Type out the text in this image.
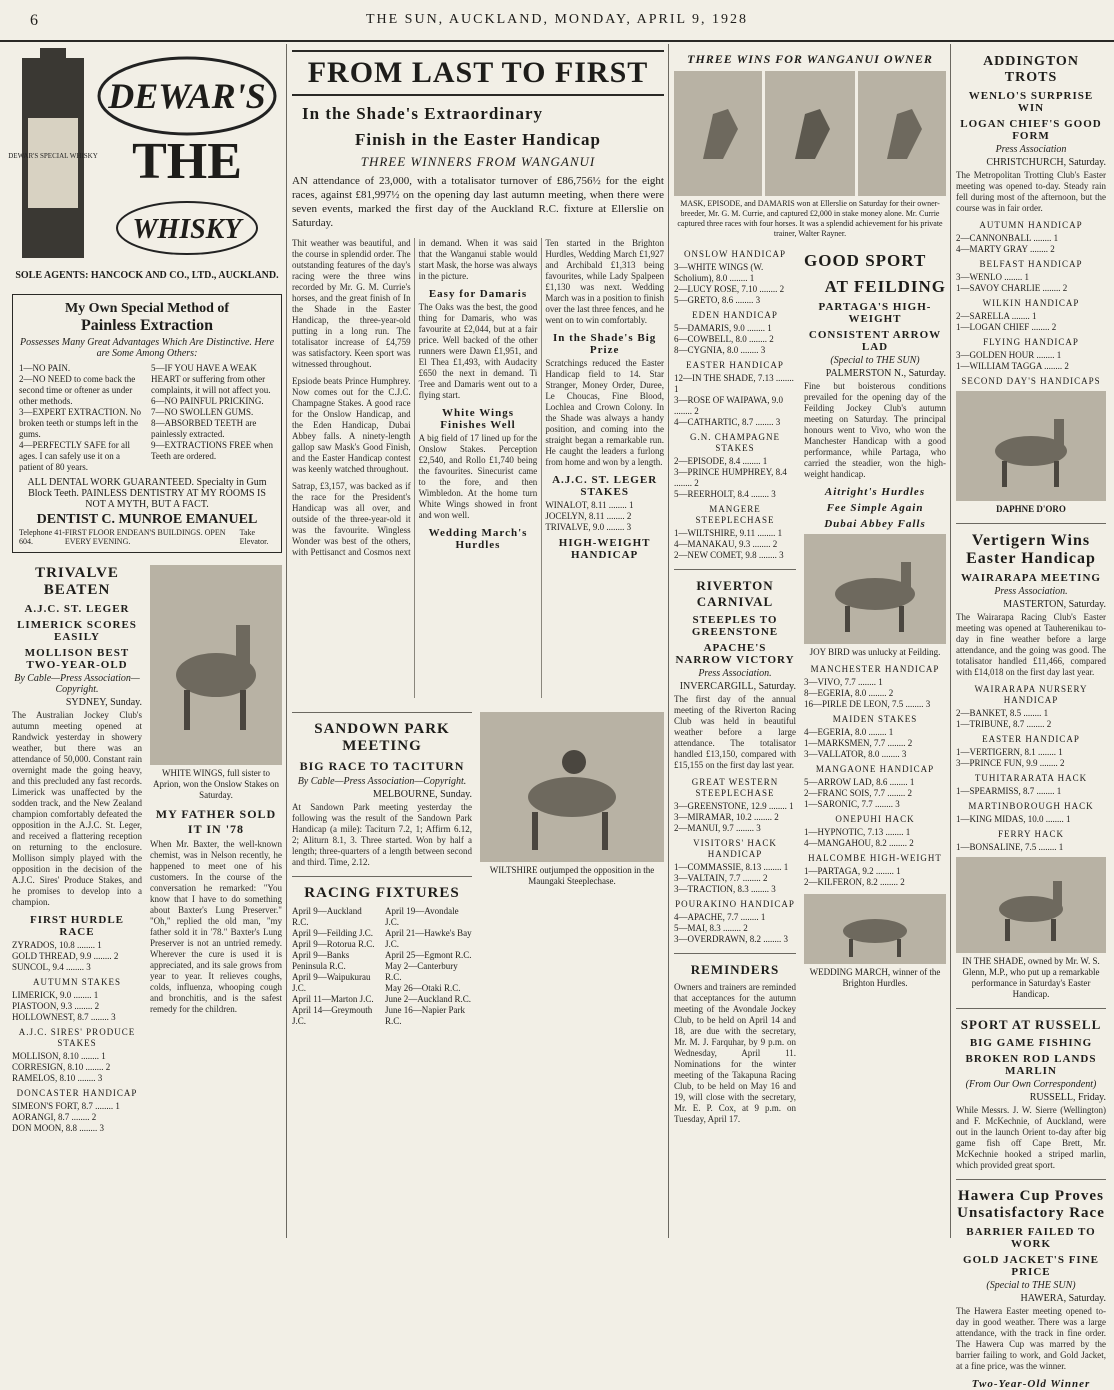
6	THE SUN, AUCKLAND, MONDAY, APRIL 9, 1928
DEWAR'S SPECIAL WHISKY
DEWAR'S
THE
WHISKY
SOLE AGENTS: HANCOCK AND CO., LTD., AUCKLAND.
My Own Special Method of
Painless Extraction
Possesses Many Great Advantages Which Are Distinctive. Here are Some Among Others:
1—NO PAIN.
2—NO NEED to come back the second time or oftener as under other methods.
3—EXPERT EXTRACTION. No broken teeth or stumps left in the gums.
4—PERFECTLY SAFE for all ages. I can safely use it on a patient of 80 years.
5—IF YOU HAVE A WEAK HEART or suffering from other complaints, it will not affect you.
6—NO PAINFUL PRICKING.
7—NO SWOLLEN GUMS.
8—ABSORBED TEETH are painlessly extracted.
9—EXTRACTIONS FREE when Teeth are ordered.
ALL DENTAL WORK GUARANTEED. Specialty in Gum Block Teeth. PAINLESS DENTISTRY AT MY ROOMS IS NOT A MYTH, BUT A FACT.
DENTIST C. MUNROE EMANUEL
Telephone 41-604.
FIRST FLOOR ENDEAN'S BUILDINGS. OPEN EVERY EVENING.
Take Elevator.
TRIVALVE BEATEN
A.J.C. ST. LEGER
LIMERICK SCORES EASILY
MOLLISON BEST TWO-YEAR-OLD
By Cable—Press Association—Copyright.
SYDNEY, Sunday.
The Australian Jockey Club's autumn meeting opened at Randwick yesterday in showery weather, but there was an attendance of 50,000. Constant rain overnight made the going heavy, and this precluded any fast records. Limerick was unaffected by the sodden track, and the New Zealand champion comfortably defeated the opposition in the A.J.C. St. Leger, and received a flattering reception on returning to the enclosure. Mollison simply played with the opposition in the decision of the A.J.C. Sires' Produce Stakes, and he promises to develop into a champion.
FIRST HURDLE RACE
ZYRADOS, 10.8 ........ 1
GOLD THREAD, 9.9 ........ 2
SUNCOL, 9.4 ........ 3
AUTUMN STAKES
LIMERICK, 9.0 ........ 1
PIASTOON, 9.3 ........ 2
HOLLOWNEST, 8.7 ........ 3
A.J.C. SIRES' PRODUCE STAKES
MOLLISON, 8.10 ........ 1
CORRESIGN, 8.10 ........ 2
RAMELOS, 8.10 ........ 3
DONCASTER HANDICAP
SIMEON'S FORT, 8.7 ........ 1
AORANGI, 8.7 ........ 2
DON MOON, 8.8 ........ 3
WHITE WINGS, full sister to Aprion, won the Onslow Stakes on Saturday.
MY FATHER SOLD IT IN '78
When Mr. Baxter, the well-known chemist, was in Nelson recently, he happened to meet one of his customers. In the course of the conversation he remarked: "You know that I have to do something about Baxter's Lung Preserver." "Oh," replied the old man, "my father sold it in '78." Baxter's Lung Preserver is not an untried remedy. Wherever the cure is used it is appreciated, and its sale grows from year to year. It relieves coughs, colds, influenza, whooping cough and bronchitis, and is the safest remedy for the children.
FROM LAST TO FIRST
In the Shade's Extraordinary
Finish in the Easter Handicap
THREE WINNERS FROM WANGANUI
AN attendance of 23,000, with a totalisator turnover of £86,756½ for the eight races, against £81,997½ on the opening day last autumn meeting, when there were seven events, marked the first day of the Auckland R.C. fixture at Ellerslie on Saturday.

Thit weather was beautiful, and the course in splendid order. The outstanding features of the day's racing were the three wins recorded by Mr. G. M. Currie's horses, and the great finish of In the Shade in the Easter Handicap, the three-year-old putting in a long run. The totalisator increase of £4,759 was satisfactory. Keen sport was witnessed throughout.

Epsiode beats Prince Humphrey. Now comes out for the C.J.C. Champagne Stakes. A good race for the Onslow Handicap, and the Eden Handicap, Dubai Abbey falls. A ninety-length gallop saw Mask's Good Finish, and the Easter Handicap contest was keenly watched throughout.

Satrap, £3,157, was backed as if the race for the President's Handicap was all over, and outside of the three-year-old it was the favourite. Wingless Wonder was best of the others, with Pettisanct and Cosmos next in demand. When it was said that the Wanganui stable would start Mask, the horse was always in the picture.

Easy for Damaris

The Oaks was the best, the good thing for Damaris, who was favourite at £2,044, but at a fair price. Well backed of the other runners were Dawn £1,951, and El Thea £1,493, with Audacity £650 the next in demand. Ti Tree and Damaris went out to a flying start.

White Wings Finishes Well

A big field of 17 lined up for the Onslow Stakes. Perception £2,540, and Rollo £1,740 being the favourites. Sinecurist came to the fore, and then Wimbledon. At the home turn White Wings showed in front and won well.

Wedding March's Hurdles

Ten started in the Brighton Hurdles, Wedding March £1,927 and Archibald £1,313 being favourites, while Lady Spalpeen £1,130 was next. Wedding March was in a position to finish over the last three fences, and he went on to win comfortably.

In the Shade's Big Prize

Scratchings reduced the Easter Handicap field to 14. Star Stranger, Money Order, Duree, Le Choucas, Fine Blood, Lochlea and Crown Colony. In the Shade was always a handy position, and coming into the straight began a remarkable run. He caught the leaders a furlong from home and won by a length.

A.J.C. ST. LEGER STAKES
WINALOT, 8.11 ........ 1
JOCELYN, 8.11 ........ 2
TRIVALVE, 9.0 ........ 3
HIGH-WEIGHT HANDICAP
SANDOWN PARK MEETING
BIG RACE TO TACITURN
By Cable—Press Association—Copyright.
MELBOURNE, Sunday.
At Sandown Park meeting yesterday the following was the result of the Sandown Park Handicap (a mile): Taciturn 7.2, 1; Affirm 6.12, 2; Aliturn 8.1, 3. Three started. Won by half a length; three-quarters of a length between second and third. Time, 2.12.
RACING FIXTURES
April 9—Auckland R.C.
April 9—Feilding J.C.
April 9—Rotorua R.C.
April 9—Banks Peninsula R.C.
April 9—Waipukurau J.C.
April 11—Marton J.C.
April 14—Greymouth J.C.
April 19—Avondale J.C.
April 21—Hawke's Bay J.C.
April 25—Egmont R.C.
May 2—Canterbury R.C.
May 26—Otaki R.C.
June 2—Auckland R.C.
June 16—Napier Park R.C.
WILTSHIRE outjumped the opposition in the Maungaki Steeplechase.
THREE WINS FOR WANGANUI OWNER
MASK, EPISODE, and DAMARIS won at Ellerslie on Saturday for their owner-breeder, Mr. G. M. Currie, and captured £2,000 in stake money alone. Mr. Currie captured three races with four horses. It was a splendid achievement for his private trainer, Walter Rayner.
ONSLOW HANDICAP
3—WHITE WINGS (W. Scholium), 8.0 ........ 1
2—LUCY ROSE, 7.10 ........ 2
5—GRETO, 8.6 ........ 3
EDEN HANDICAP
5—DAMARIS, 9.0 ........ 1
6—COWBELL, 8.0 ........ 2
8—CYGNIA, 8.0 ........ 3
EASTER HANDICAP
12—IN THE SHADE, 7.13 ........ 1
3—ROSE OF WAIPAWA, 9.0 ........ 2
4—CATHARTIC, 8.7 ........ 3
G.N. CHAMPAGNE STAKES
2—EPISODE, 8.4 ........ 1
3—PRINCE HUMPHREY, 8.4 ........ 2
5—REERHOLT, 8.4 ........ 3
MANGERE STEEPLECHASE
1—WILTSHIRE, 9.11 ........ 1
4—MANAKAU, 9.3 ........ 2
2—NEW COMET, 9.8 ........ 3
RIVERTON CARNIVAL
STEEPLES TO GREENSTONE
APACHE'S NARROW VICTORY
Press Association.
INVERCARGILL, Saturday.
The first day of the annual meeting of the Riverton Racing Club was held in beautiful weather before a large attendance. The totalisator handled £13,150, compared with £15,155 on the first day last year.
GREAT WESTERN STEEPLECHASE
3—GREENSTONE, 12.9 ........ 1
3—MIRAMAR, 10.2 ........ 2
2—MANUI, 9.7 ........ 3
VISITORS' HACK HANDICAP
1—COMMASSIE, 8.13 ........ 1
3—VALTAIN, 7.7 ........ 2
3—TRACTION, 8.3 ........ 3
POURAKINO HANDICAP
4—APACHE, 7.7 ........ 1
5—MAI, 8.3 ........ 2
3—OVERDRAWN, 8.2 ........ 3
REMINDERS
Owners and trainers are reminded that acceptances for the autumn meeting of the Avondale Jockey Club, to be held on April 14 and 18, are due with the secretary, Mr. M. J. Farquhar, by 9 p.m. on Wednesday, April 11. Nominations for the winter meeting of the Takapuna Racing Club, to be held on May 16 and 19, will close with the secretary, Mr. E. P. Cox, at 9 p.m. on Tuesday, April 17.
GOOD SPORT
AT FEILDING
PARTAGA'S HIGH-WEIGHT
CONSISTENT ARROW LAD
(Special to THE SUN)
PALMERSTON N., Saturday.
Fine but boisterous conditions prevailed for the opening day of the Feilding Jockey Club's autumn meeting on Saturday. The principal honours went to Vivo, who won the Manchester Handicap with a good performance, while Partaga, who carried the steadier, won the high-weight handicap.
Aitright's Hurdles
Fee Simple Again
Dubai Abbey Falls
JOY BIRD was unlucky at Feilding.
MANCHESTER HANDICAP
3—VIVO, 7.7 ........ 1
8—EGERIA, 8.0 ........ 2
16—PIRLE DE LEON, 7.5 ........ 3
MAIDEN STAKES
4—EGERIA, 8.0 ........ 1
1—MARKSMEN, 7.7 ........ 2
3—VALLATOR, 8.0 ........ 3
MANGAONE HANDICAP
5—ARROW LAD, 8.6 ........ 1
2—FRANC SOIS, 7.7 ........ 2
1—SARONIC, 7.7 ........ 3
ONEPUHI HACK
1—HYPNOTIC, 7.13 ........ 1
4—MANGAHOU, 8.2 ........ 2
HALCOMBE HIGH-WEIGHT
1—PARTAGA, 9.2 ........ 1
2—KILFERON, 8.2 ........ 2
WEDDING MARCH, winner of the Brighton Hurdles.
ADDINGTON TROTS
WENLO'S SURPRISE WIN
LOGAN CHIEF'S GOOD FORM
Press Association
CHRISTCHURCH, Saturday.
The Metropolitan Trotting Club's Easter meeting was opened to-day. Steady rain fell during most of the afternoon, but the course was in fair order.
AUTUMN HANDICAP
2—CANNONBALL ........ 1
4—MARTY GRAY ........ 2
BELFAST HANDICAP
3—WENLO ........ 1
1—SAVOY CHARLIE ........ 2
WILKIN HANDICAP
2—SARELLA ........ 1
1—LOGAN CHIEF ........ 2
FLYING HANDICAP
3—GOLDEN HOUR ........ 1
1—WILLIAM TAGGA ........ 2
SECOND DAY'S HANDICAPS
DAPHNE D'ORO
Vertigern Wins Easter Handicap
WAIRARAPA MEETING
Press Association.
MASTERTON, Saturday.
The Wairarapa Racing Club's Easter meeting was opened at Tauherenikau to-day in fine weather before a large attendance, and the going was good. The totalisator handled £11,466, compared with £14,018 on the first day last year.
WAIRARAPA NURSERY HANDICAP
2—BANKET, 8.5 ........ 1
1—TRIBUNE, 8.7 ........ 2
EASTER HANDICAP
1—VERTIGERN, 8.1 ........ 1
3—PRINCE FUN, 9.9 ........ 2
TUHITARARATA HACK
1—SPEARMISS, 8.7 ........ 1
MARTINBOROUGH HACK
1—KING MIDAS, 10.0 ........ 1
FERRY HACK
1—BONSALINE, 7.5 ........ 1
IN THE SHADE, owned by Mr. W. S. Glenn, M.P., who put up a remarkable performance in Saturday's Easter Handicap.
SPORT AT RUSSELL
BIG GAME FISHING
BROKEN ROD LANDS MARLIN
(From Our Own Correspondent)
RUSSELL, Friday.
While Messrs. J. W. Sierre (Wellington) and F. McKechnie, of Auckland, were out in the launch Orient to-day after big game fish off Cape Brett, Mr. McKechnie hooked a striped marlin, which provided great sport.
Hawera Cup Proves Unsatisfactory Race
BARRIER FAILED TO WORK
GOLD JACKET'S FINE PRICE
(Special to THE SUN)
HAWERA, Saturday.
The Hawera Easter meeting opened to-day in good weather. There was a large attendance, with the track in fine order. The Hawera Cup was marred by the barrier failing to work, and Gold Jacket, at a fine price, was the winner.
Two-Year-Old Winner
